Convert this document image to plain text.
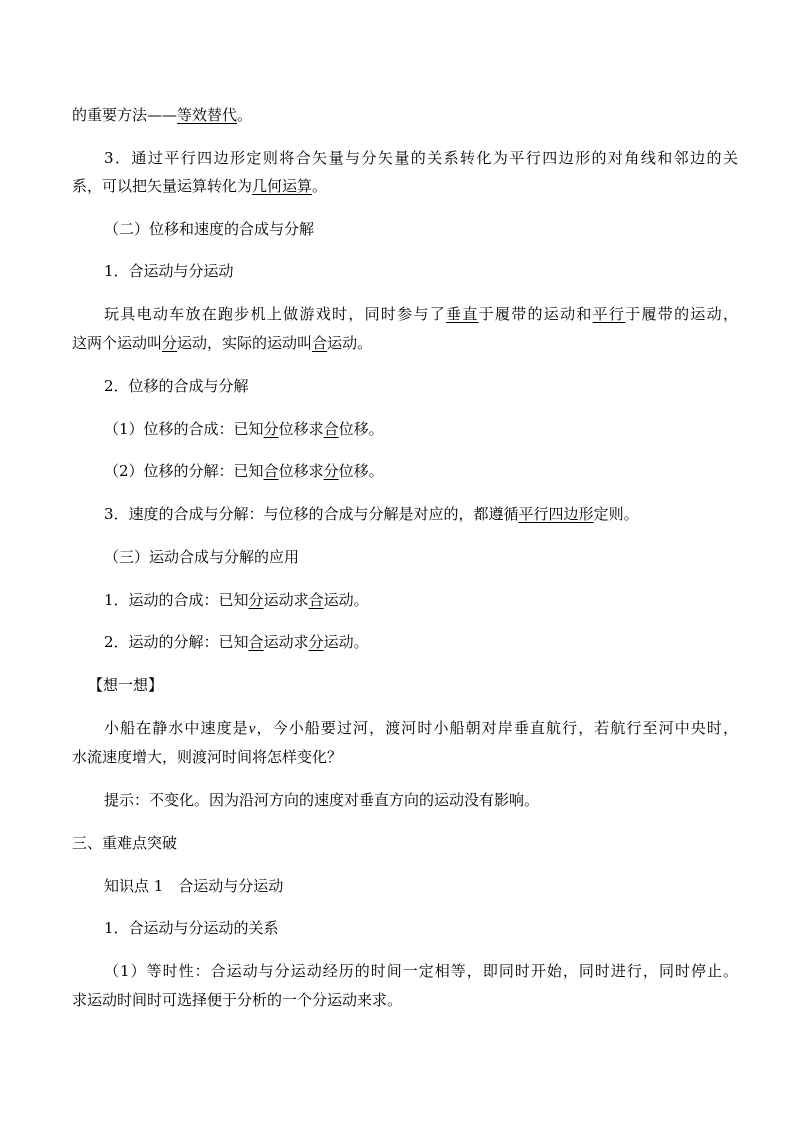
的重要方法——等效替代。
3．通过平行四边形定则将合矢量与分矢量的关系转化为平行四边形的对角线和邻边的关
系，可以把矢量运算转化为几何运算。
（二）位移和速度的合成与分解
1．合运动与分运动
玩具电动车放在跑步机上做游戏时，同时参与了垂直于履带的运动和平行于履带的运动，
这两个运动叫分运动，实际的运动叫合运动。
2．位移的合成与分解
（1）位移的合成：已知分位移求合位移。
（2）位移的分解：已知合位移求分位移。
3．速度的合成与分解：与位移的合成与分解是对应的，都遵循平行四边形定则。
（三）运动合成与分解的应用
1．运动的合成：已知分运动求合运动。
2．运动的分解：已知合运动求分运动。
【想一想】
小船在静水中速度是v，今小船要过河，渡河时小船朝对岸垂直航行，若航行至河中央时，
水流速度增大，则渡河时间将怎样变化？
提示：不变化。因为沿河方向的速度对垂直方向的运动没有影响。
三、重难点突破
知识点 1　合运动与分运动
1．合运动与分运动的关系
（1）等时性：合运动与分运动经历的时间一定相等，即同时开始，同时进行，同时停止。
求运动时间时可选择便于分析的一个分运动来求。
